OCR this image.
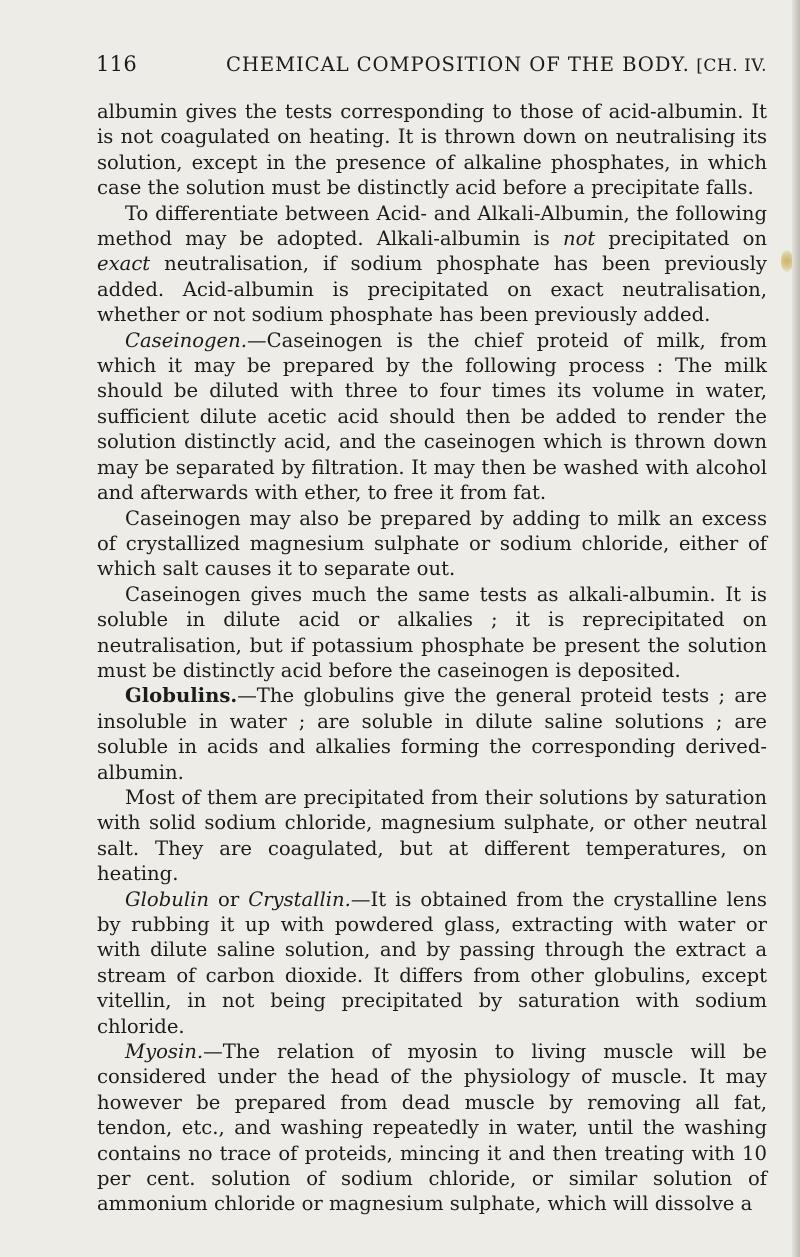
116	CHEMICAL COMPOSITION OF THE BODY. [CH. IV.

albumin gives the tests corresponding to those of acid-albumin. It is not coagulated on heating. It is thrown down on neutralising its solution, except in the presence of alkaline phosphates, in which case the solution must be distinctly acid before a precipitate falls.

To differentiate between Acid- and Alkali-Albumin, the following method may be adopted. Alkali-albumin is not precipitated on exact neutralisation, if sodium phosphate has been previously added. Acid-albumin is precipitated on exact neutralisation, whether or not sodium phosphate has been previously added.

Caseinogen.—Caseinogen is the chief proteid of milk, from which it may be prepared by the following process : The milk should be diluted with three to four times its volume in water, sufficient dilute acetic acid should then be added to render the solution distinctly acid, and the caseinogen which is thrown down may be separated by filtration. It may then be washed with alcohol and afterwards with ether, to free it from fat.

Caseinogen may also be prepared by adding to milk an excess of crystallized magnesium sulphate or sodium chloride, either of which salt causes it to separate out.

Caseinogen gives much the same tests as alkali-albumin. It is soluble in dilute acid or alkalies ; it is reprecipitated on neutralisation, but if potassium phosphate be present the solution must be distinctly acid before the caseinogen is deposited.

Globulins.—The globulins give the general proteid tests ; are insoluble in water ; are soluble in dilute saline solutions ; are soluble in acids and alkalies forming the corresponding derived-albumin.

Most of them are precipitated from their solutions by saturation with solid sodium chloride, magnesium sulphate, or other neutral salt. They are coagulated, but at different temperatures, on heating.

Globulin or Crystallin.—It is obtained from the crystalline lens by rubbing it up with powdered glass, extracting with water or with dilute saline solution, and by passing through the extract a stream of carbon dioxide. It differs from other globulins, except vitellin, in not being precipitated by saturation with sodium chloride.

Myosin.—The relation of myosin to living muscle will be considered under the head of the physiology of muscle. It may however be prepared from dead muscle by removing all fat, tendon, etc., and washing repeatedly in water, until the washing contains no trace of proteids, mincing it and then treating with 10 per cent. solution of sodium chloride, or similar solution of ammonium chloride or magnesium sulphate, which will dissolve a
